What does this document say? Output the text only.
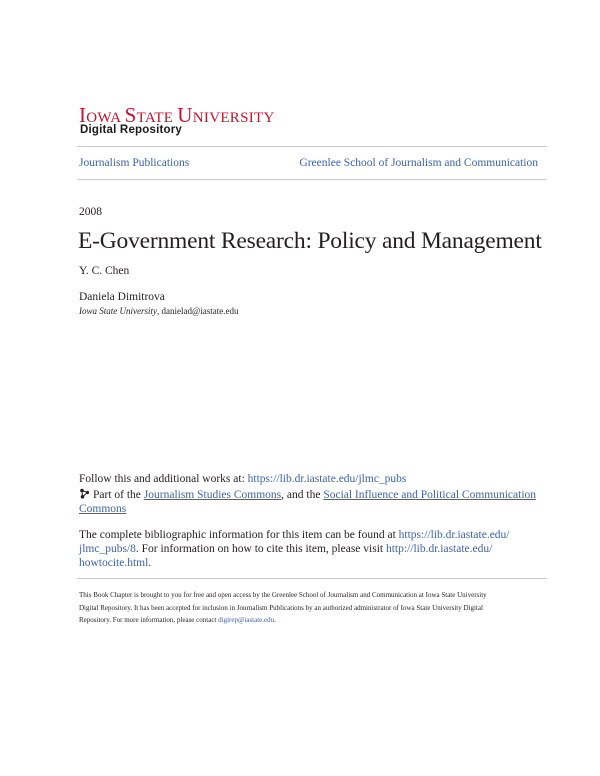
IOWA STATE UNIVERSITY
Digital Repository
Journalism Publications	Greenlee School of Journalism and Communication
2008
E-Government Research: Policy and Management
Y. C. Chen
Daniela Dimitrova
Iowa State University, danielad@iastate.edu
Follow this and additional works at: https://lib.dr.iastate.edu/jlmc_pubs
Part of the Journalism Studies Commons, and the Social Influence and Political Communication
Commons
The complete bibliographic information for this item can be found at https://lib.dr.iastate.edu/
jlmc_pubs/8. For information on how to cite this item, please visit http://lib.dr.iastate.edu/
howtocite.html.
This Book Chapter is brought to you for free and open access by the Greenlee School of Journalism and Communication at Iowa State University
Digital Repository. It has been accepted for inclusion in Journalism Publications by an authorized administrator of Iowa State University Digital
Repository. For more information, please contact digirep@iastate.edu.
